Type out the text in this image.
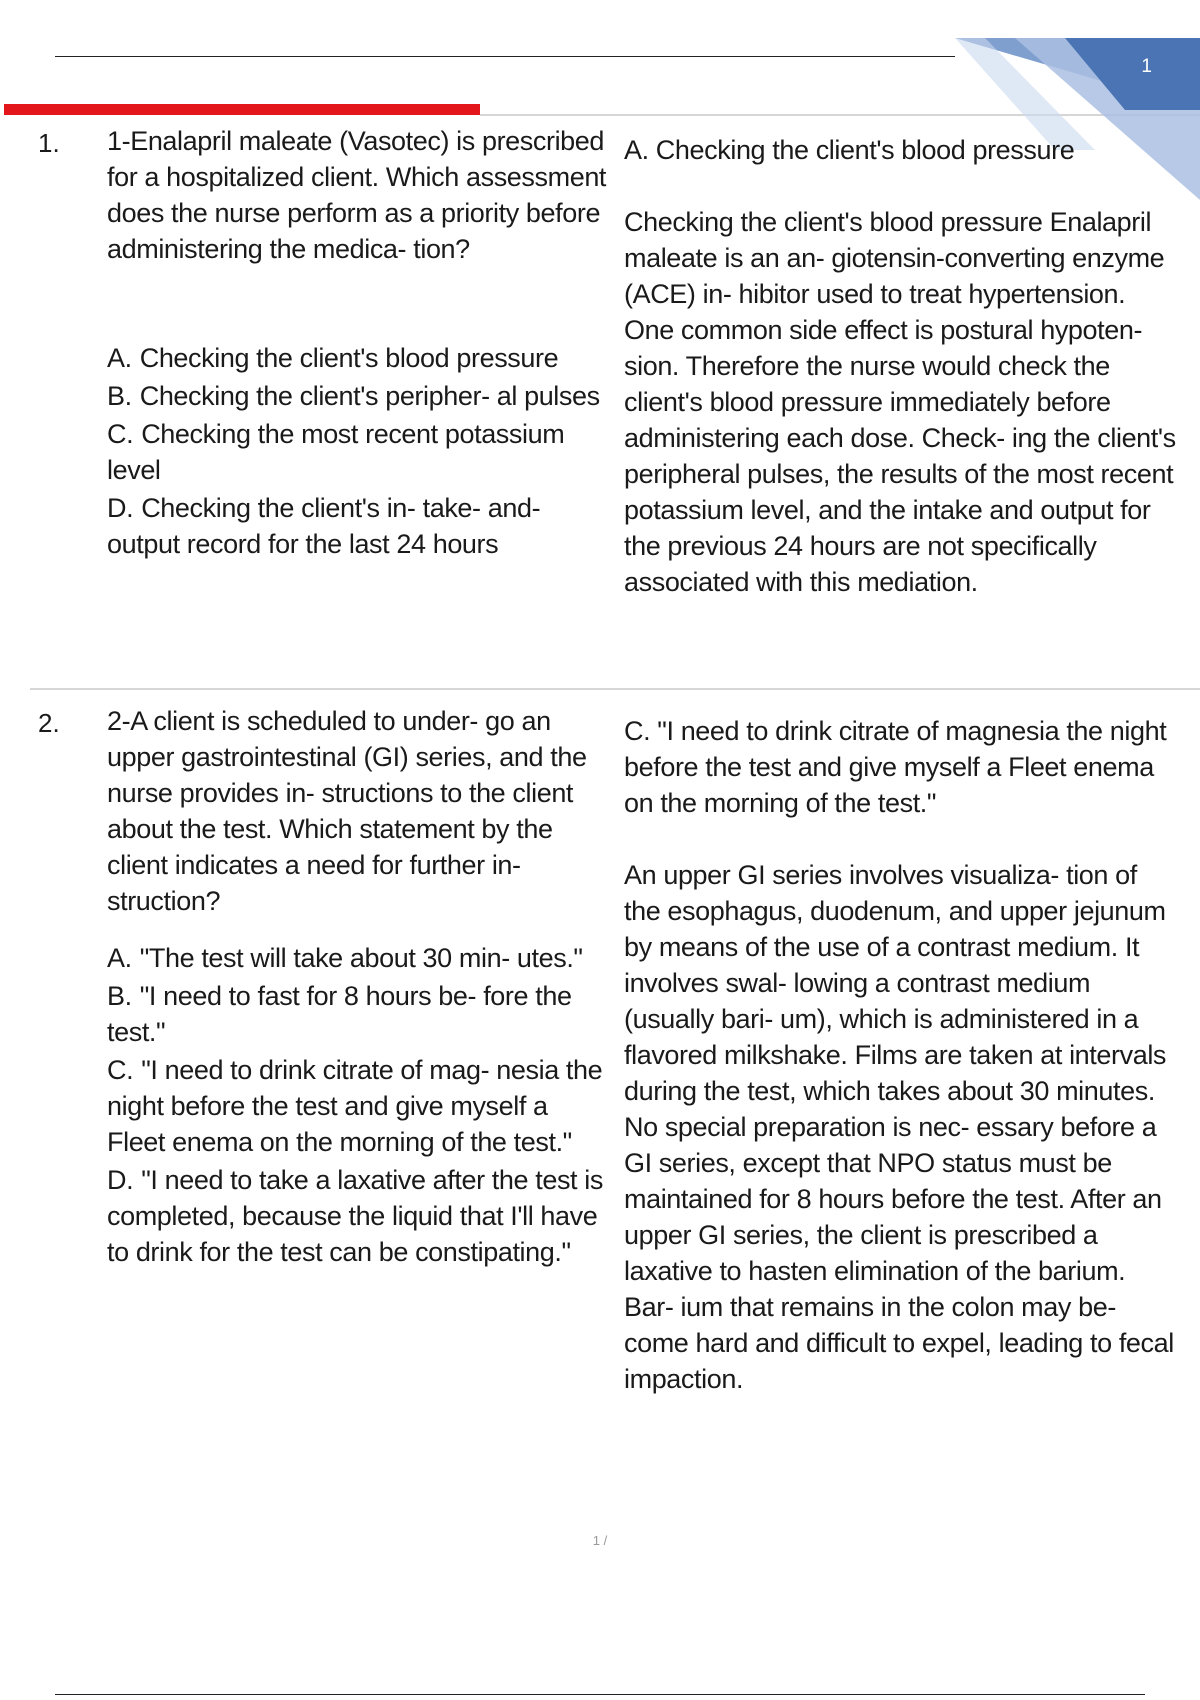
1
1. 1-Enalapril maleate (Vasotec) is prescribed for a hospitalized client. Which assessment does the nurse perform as a priority before administering the medica- tion?
A. Checking the client's blood pressure
B. Checking the client's peripher- al pulses
C. Checking the most recent potassium level
D. Checking the client's in- take- and-output record for the last 24 hours
A. Checking the client's blood pressure
Checking the client's blood pressure Enalapril maleate is an an- giotensin-converting enzyme (ACE) in- hibitor used to treat hypertension. One common side effect is postural hypoten- sion. Therefore the nurse would check the client's blood pressure immediately before administering each dose. Check- ing the client's peripheral pulses, the results of the most recent potassium level, and the intake and output for the previous 24 hours are not specifically associated with this mediation.
2. 2-A client is scheduled to under- go an upper gastrointestinal (GI) series, and the nurse provides in- structions to the client about the test. Which statement by the client indicates a need for further in- struction?
A. "The test will take about 30 min- utes."
B. "I need to fast for 8 hours be- fore the test."
C. "I need to drink citrate of mag- nesia the night before the test and give myself a Fleet enema on the morning of the test."
D. "I need to take a laxative after the test is completed, because the liquid that I'll have to drink for the test can be constipating."
C. "I need to drink citrate of magnesia the night before the test and give myself a Fleet enema on the morning of the test."
An upper GI series involves visualiza- tion of the esophagus, duodenum, and upper jejunum by means of the use of a contrast medium. It involves swal- lowing a contrast medium (usually bari- um), which is administered in a flavored milkshake. Films are taken at intervals during the test, which takes about 30 minutes. No special preparation is nec- essary before a GI series, except that NPO status must be maintained for 8 hours before the test. After an upper GI series, the client is prescribed a laxative to hasten elimination of the barium. Bar- ium that remains in the colon may be- come hard and difficult to expel, leading to fecal impaction.
1 /
